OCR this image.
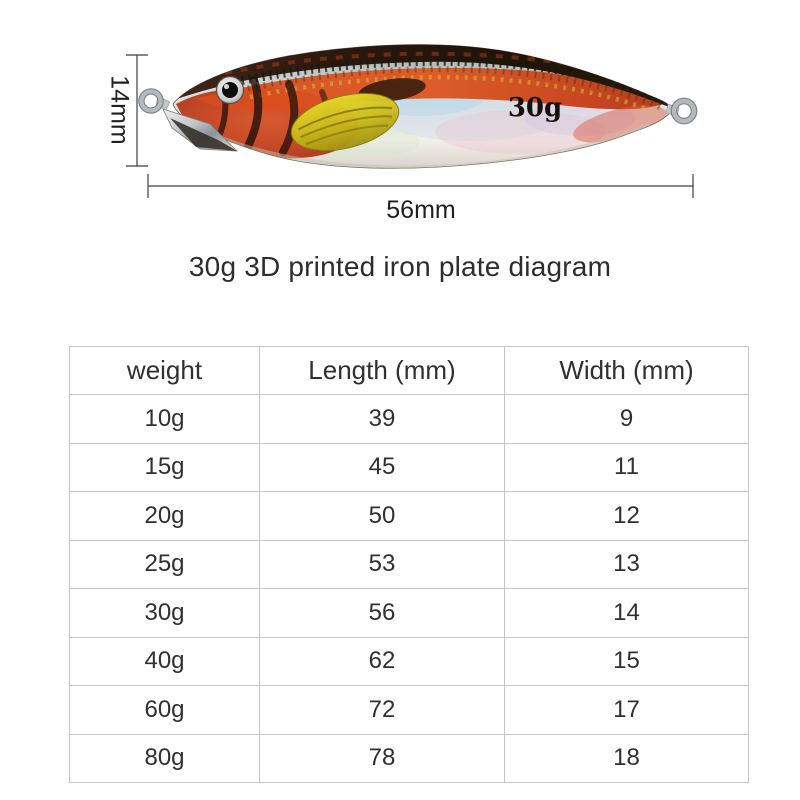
14mm
56mm
30g
30g 3D printed iron plate diagram
weight	Length (mm)	Width (mm)
10g	39	9
15g	45	11
20g	50	12
25g	53	13
30g	56	14
40g	62	15
60g	72	17
80g	78	18
